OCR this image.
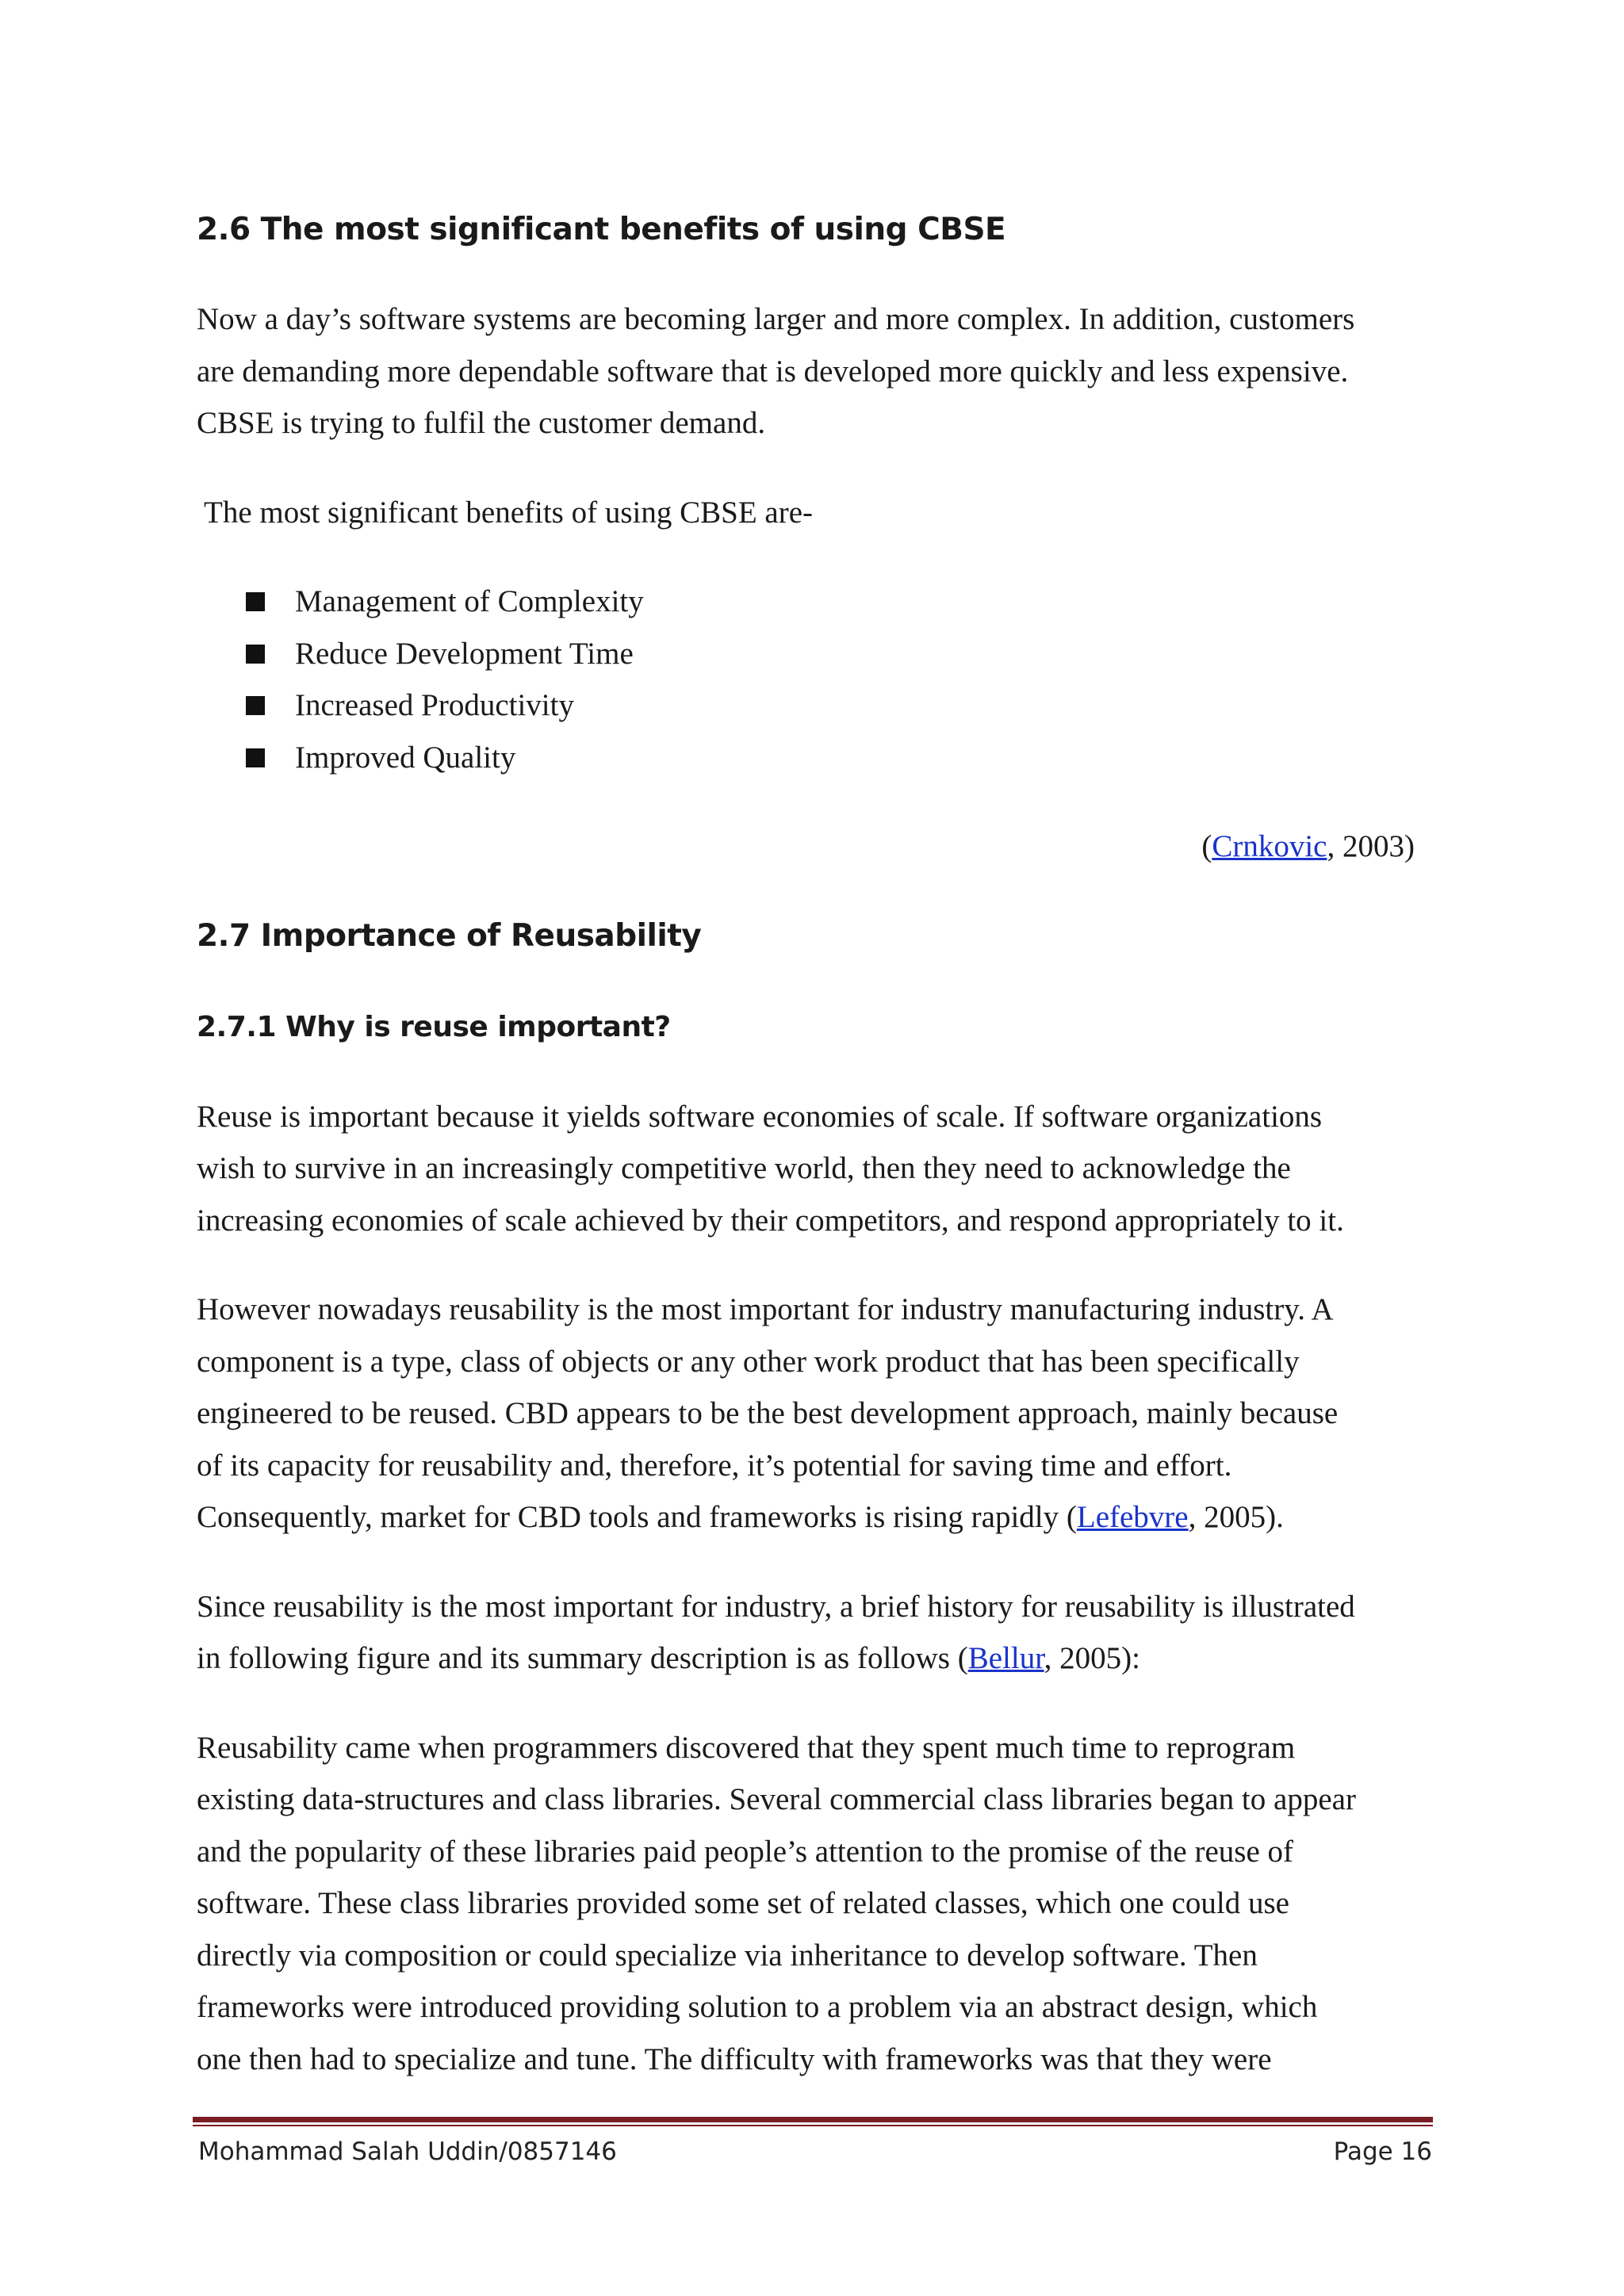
2.6 The most significant benefits of using CBSE

Now a day’s software systems are becoming larger and more complex. In addition, customers
are demanding more dependable software that is developed more quickly and less expensive.
CBSE is trying to fulfil the customer demand.

The most significant benefits of using CBSE are-

Management of Complexity
Reduce Development Time
Increased Productivity
Improved Quality
(Crnkovic, 2003)
2.7 Importance of Reusability
2.7.1 Why is reuse important?

Reuse is important because it yields software economies of scale. If software organizations
wish to survive in an increasingly competitive world, then they need to acknowledge the
increasing economies of scale achieved by their competitors, and respond appropriately to it.

However nowadays reusability is the most important for industry manufacturing industry. A
component is a type, class of objects or any other work product that has been specifically
engineered to be reused. CBD appears to be the best development approach, mainly because
of its capacity for reusability and, therefore, it’s potential for saving time and effort.
Consequently, market for CBD tools and frameworks is rising rapidly (Lefebvre, 2005).

Since reusability is the most important for industry, a brief history for reusability is illustrated
in following figure and its summary description is as follows (Bellur, 2005):

Reusability came when programmers discovered that they spent much time to reprogram
existing data-structures and class libraries. Several commercial class libraries began to appear
and the popularity of these libraries paid people’s attention to the promise of the reuse of
software. These class libraries provided some set of related classes, which one could use
directly via composition or could specialize via inheritance to develop software. Then
frameworks were introduced providing solution to a problem via an abstract design, which
one then had to specialize and tune. The difficulty with frameworks was that they were

Mohammad Salah Uddin/0857146	Page 16
